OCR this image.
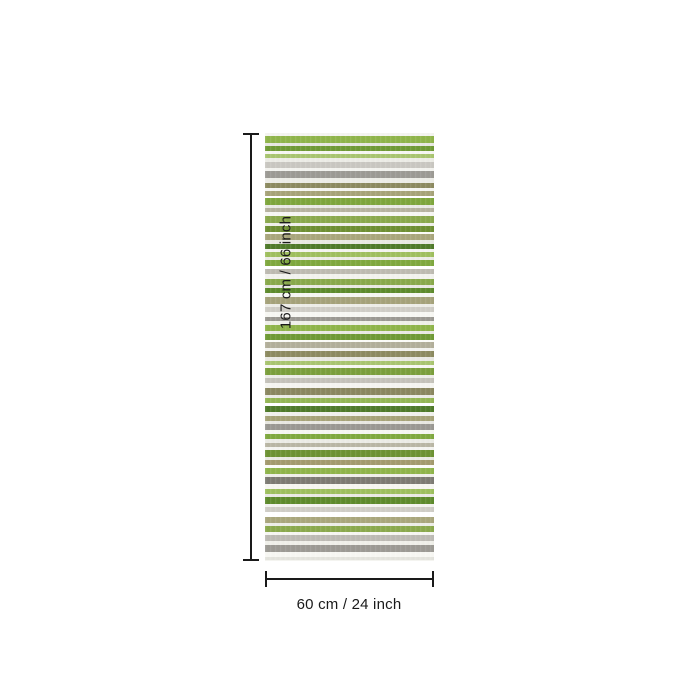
167 cm / 66 inch
60 cm / 24 inch
